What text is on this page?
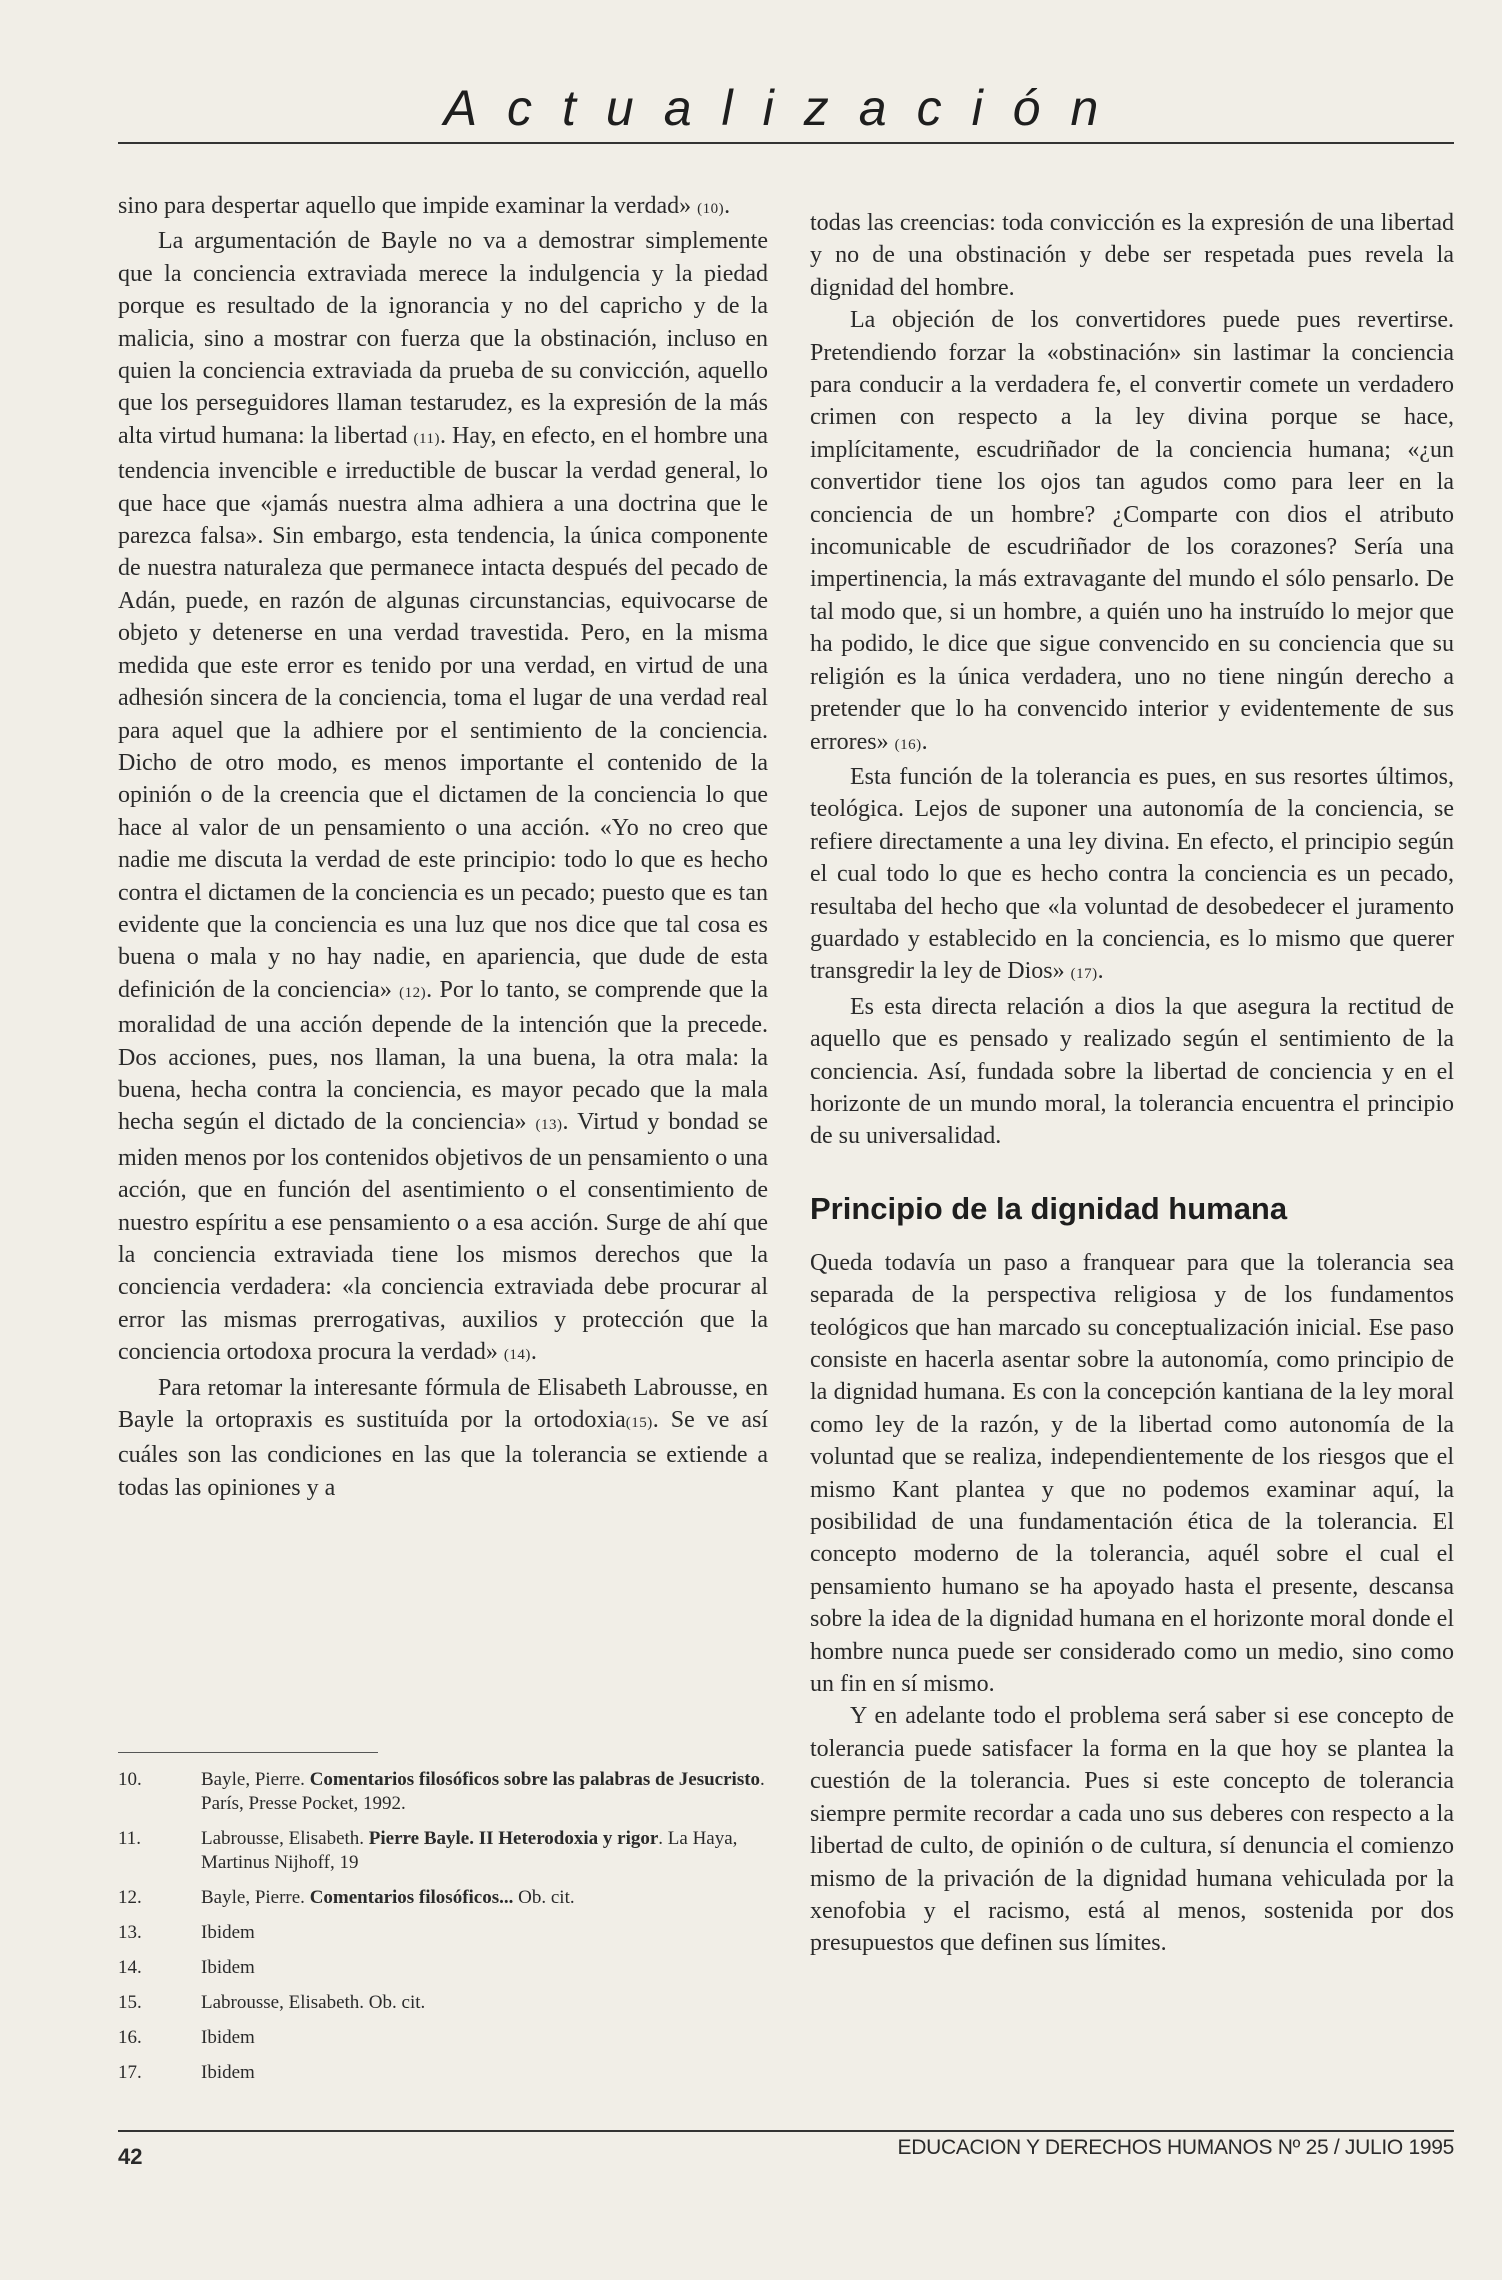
Actualización

sino para despertar aquello que impide examinar la verdad» (10).

La argumentación de Bayle no va a demostrar simplemente que la conciencia extraviada merece la indulgencia y la piedad porque es resultado de la ignorancia y no del capricho y de la malicia, sino a mostrar con fuerza que la obstinación, incluso en quien la conciencia extraviada da prueba de su convicción, aquello que los perseguidores llaman testarudez, es la expresión de la más alta virtud humana: la libertad (11). Hay, en efecto, en el hombre una tendencia invencible e irreductible de buscar la verdad general, lo que hace que «jamás nuestra alma adhiera a una doctrina que le parezca falsa». Sin embargo, esta tendencia, la única componente de nuestra naturaleza que permanece intacta después del pecado de Adán, puede, en razón de algunas circunstancias, equivocarse de objeto y detenerse en una verdad travestida. Pero, en la misma medida que este error es tenido por una verdad, en virtud de una adhesión sincera de la conciencia, toma el lugar de una verdad real para aquel que la adhiere por el sentimiento de la conciencia. Dicho de otro modo, es menos importante el contenido de la opinión o de la creencia que el dictamen de la conciencia lo que hace al valor de un pensamiento o una acción. «Yo no creo que nadie me discuta la verdad de este principio: todo lo que es hecho contra el dictamen de la conciencia es un pecado; puesto que es tan evidente que la conciencia es una luz que nos dice que tal cosa es buena o mala y no hay nadie, en apariencia, que dude de esta definición de la conciencia» (12). Por lo tanto, se comprende que la moralidad de una acción depende de la intención que la precede. Dos acciones, pues, nos llaman, la una buena, la otra mala: la buena, hecha contra la conciencia, es mayor pecado que la mala hecha según el dictado de la conciencia» (13). Virtud y bondad se miden menos por los contenidos objetivos de un pensamiento o una acción, que en función del asentimiento o el consentimiento de nuestro espíritu a ese pensamiento o a esa acción. Surge de ahí que la conciencia extraviada tiene los mismos derechos que la conciencia verdadera: «la conciencia extraviada debe procurar al error las mismas prerrogativas, auxilios y protección que la conciencia ortodoxa procura la verdad» (14).

Para retomar la interesante fórmula de Elisabeth Labrousse, en Bayle la ortopraxis es sustituída por la ortodoxia(15). Se ve así cuáles son las condiciones en las que la tolerancia se extiende a todas las opiniones y a

todas las creencias: toda convicción es la expresión de una libertad y no de una obstinación y debe ser respetada pues revela la dignidad del hombre.

La objeción de los convertidores puede pues revertirse. Pretendiendo forzar la «obstinación» sin lastimar la conciencia para conducir a la verdadera fe, el convertir comete un verdadero crimen con respecto a la ley divina porque se hace, implícitamente, escudriñador de la conciencia humana; «¿un convertidor tiene los ojos tan agudos como para leer en la conciencia de un hombre? ¿Comparte con dios el atributo incomunicable de escudriñador de los corazones? Sería una impertinencia, la más extravagante del mundo el sólo pensarlo. De tal modo que, si un hombre, a quién uno ha instruído lo mejor que ha podido, le dice que sigue convencido en su conciencia que su religión es la única verdadera, uno no tiene ningún derecho a pretender que lo ha convencido interior y evidentemente de sus errores» (16).

Esta función de la tolerancia es pues, en sus resortes últimos, teológica. Lejos de suponer una autonomía de la conciencia, se refiere directamente a una ley divina. En efecto, el principio según el cual todo lo que es hecho contra la conciencia es un pecado, resultaba del hecho que «la voluntad de desobedecer el juramento guardado y establecido en la conciencia, es lo mismo que querer transgredir la ley de Dios» (17).

Es esta directa relación a dios la que asegura la rectitud de aquello que es pensado y realizado según el sentimiento de la conciencia. Así, fundada sobre la libertad de conciencia y en el horizonte de un mundo moral, la tolerancia encuentra el principio de su universalidad.

Principio de la dignidad humana

Queda todavía un paso a franquear para que la tolerancia sea separada de la perspectiva religiosa y de los fundamentos teológicos que han marcado su conceptualización inicial. Ese paso consiste en hacerla asentar sobre la autonomía, como principio de la dignidad humana. Es con la concepción kantiana de la ley moral como ley de la razón, y de la libertad como autonomía de la voluntad que se realiza, independientemente de los riesgos que el mismo Kant plantea y que no podemos examinar aquí, la posibilidad de una fundamentación ética de la tolerancia. El concepto moderno de la tolerancia, aquél sobre el cual el pensamiento humano se ha apoyado hasta el presente, descansa sobre la idea de la dignidad humana en el horizonte moral donde el hombre nunca puede ser considerado como un medio, sino como un fin en sí mismo.

Y en adelante todo el problema será saber si ese concepto de tolerancia puede satisfacer la forma en la que hoy se plantea la cuestión de la tolerancia. Pues si este concepto de tolerancia siempre permite recordar a cada uno sus deberes con respecto a la libertad de culto, de opinión o de cultura, sí denuncia el comienzo mismo de la privación de la dignidad humana vehiculada por la xenofobia y el racismo, está al menos, sostenida por dos presupuestos que definen sus límites.

10.	Bayle, Pierre. Comentarios filosóficos sobre las palabras de Jesucristo. París, Presse Pocket, 1992.
11.	Labrousse, Elisabeth. Pierre Bayle. II Heterodoxia y rigor. La Haya, Martinus Nijhoff, 19
12.	Bayle, Pierre. Comentarios filosóficos... Ob. cit.
13.	Ibidem
14.	Ibidem
15.	Labrousse, Elisabeth. Ob. cit.
16.	Ibidem
17.	Ibidem
42	EDUCACION Y DERECHOS HUMANOS Nº 25 / JULIO 1995
